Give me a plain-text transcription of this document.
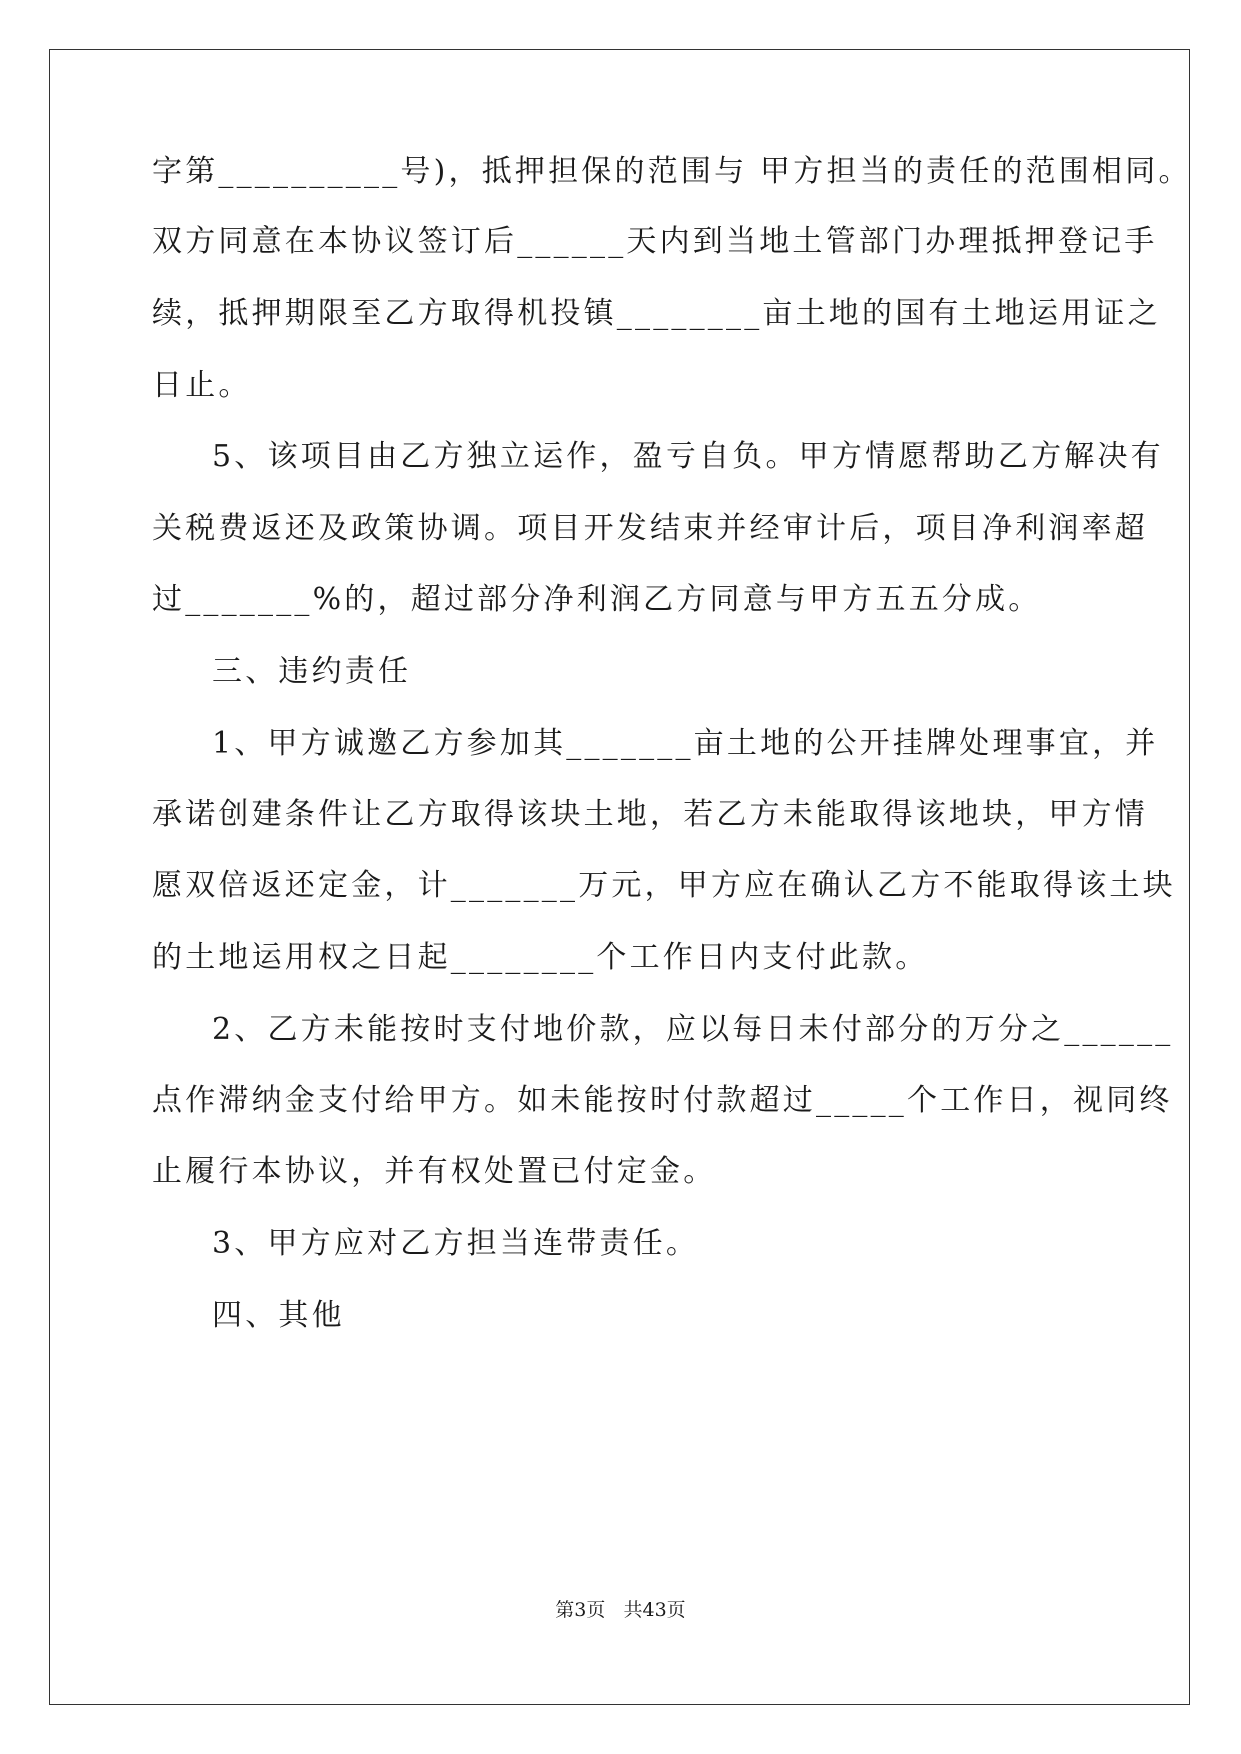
字第__________号)，抵押担保的范围与 甲方担当的责任的范围相同。
双方同意在本协议签订后______天内到当地土管部门办理抵押登记手
续，抵押期限至乙方取得机投镇________亩土地的国有土地运用证之
日止。
5、该项目由乙方独立运作，盈亏自负。甲方情愿帮助乙方解决有
关税费返还及政策协调。项目开发结束并经审计后，项目净利润率超
过_______%的，超过部分净利润乙方同意与甲方五五分成。
三、违约责任
1、甲方诚邀乙方参加其_______亩土地的公开挂牌处理事宜，并
承诺创建条件让乙方取得该块土地，若乙方未能取得该地块，甲方情
愿双倍返还定金，计_______万元，甲方应在确认乙方不能取得该土块
的土地运用权之日起________个工作日内支付此款。
2、乙方未能按时支付地价款，应以每日未付部分的万分之______
点作滞纳金支付给甲方。如未能按时付款超过_____个工作日，视同终
止履行本协议，并有权处置已付定金。
3、甲方应对乙方担当连带责任。
四、其他
第3页   共43页
